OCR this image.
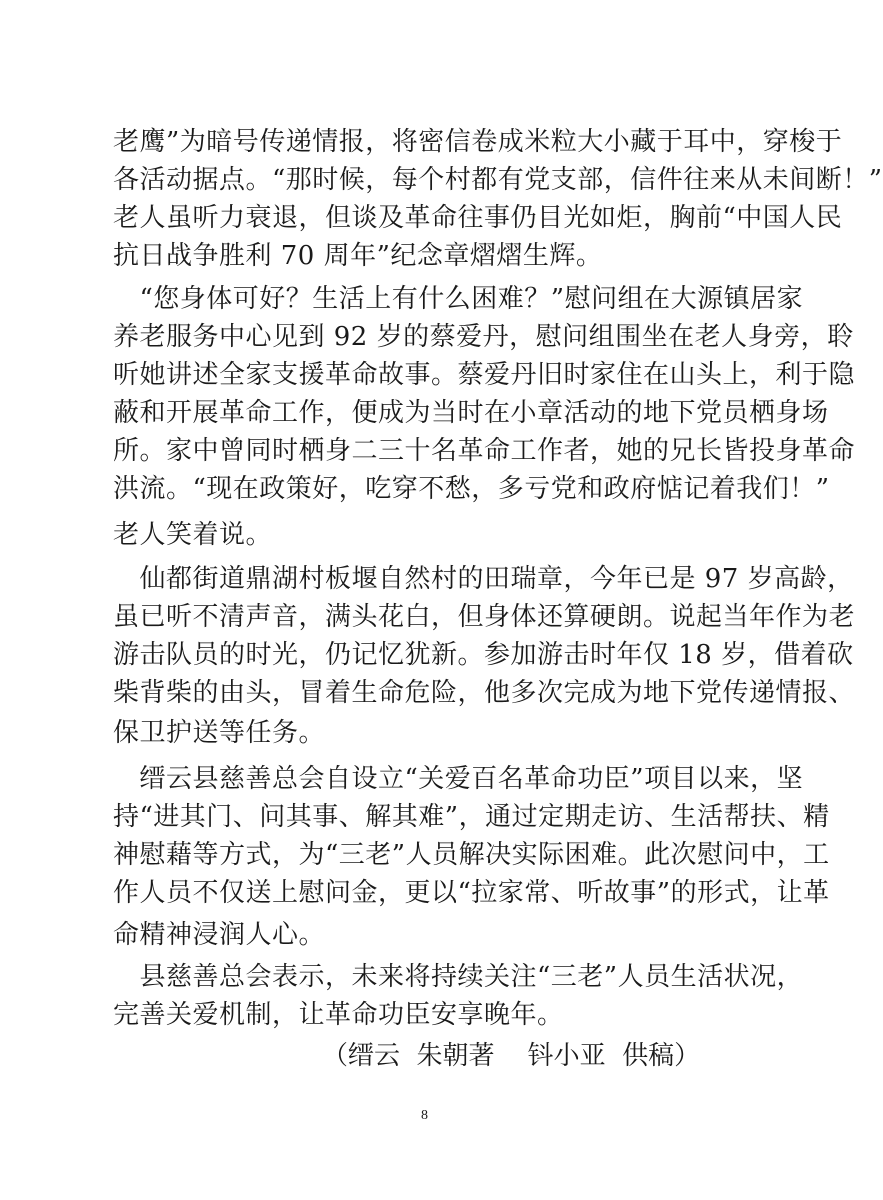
老鹰”为暗号传递情报，将密信卷成米粒大小藏于耳中，穿梭于
各活动据点。“那时候，每个村都有党支部，信件往来从未间断！”
老人虽听力衰退，但谈及革命往事仍目光如炬，胸前“中国人民
抗日战争胜利 70 周年”纪念章熠熠生辉。
　“您身体可好？生活上有什么困难？”慰问组在大源镇居家
养老服务中心见到 92 岁的蔡爱丹，慰问组围坐在老人身旁，聆
听她讲述全家支援革命故事。蔡爱丹旧时家住在山头上，利于隐
蔽和开展革命工作，便成为当时在小章活动的地下党员栖身场
所。家中曾同时栖身二三十名革命工作者，她的兄长皆投身革命
洪流。“现在政策好，吃穿不愁，多亏党和政府惦记着我们！”
老人笑着说。
　仙都街道鼎湖村板堰自然村的田瑞章，今年已是 97 岁高龄，
虽已听不清声音，满头花白，但身体还算硬朗。说起当年作为老
游击队员的时光，仍记忆犹新。参加游击时年仅 18 岁，借着砍
柴背柴的由头，冒着生命危险，他多次完成为地下党传递情报、
保卫护送等任务。
　缙云县慈善总会自设立“关爱百名革命功臣”项目以来，坚
持“进其门、问其事、解其难”，通过定期走访、生活帮扶、精
神慰藉等方式，为“三老”人员解决实际困难。此次慰问中，工
作人员不仅送上慰问金，更以“拉家常、听故事”的形式，让革
命精神浸润人心。
　县慈善总会表示，未来将持续关注“三老”人员生活状况，
完善关爱机制，让革命功臣安享晚年。
（缙云  朱朝著    钭小亚  供稿）
8
